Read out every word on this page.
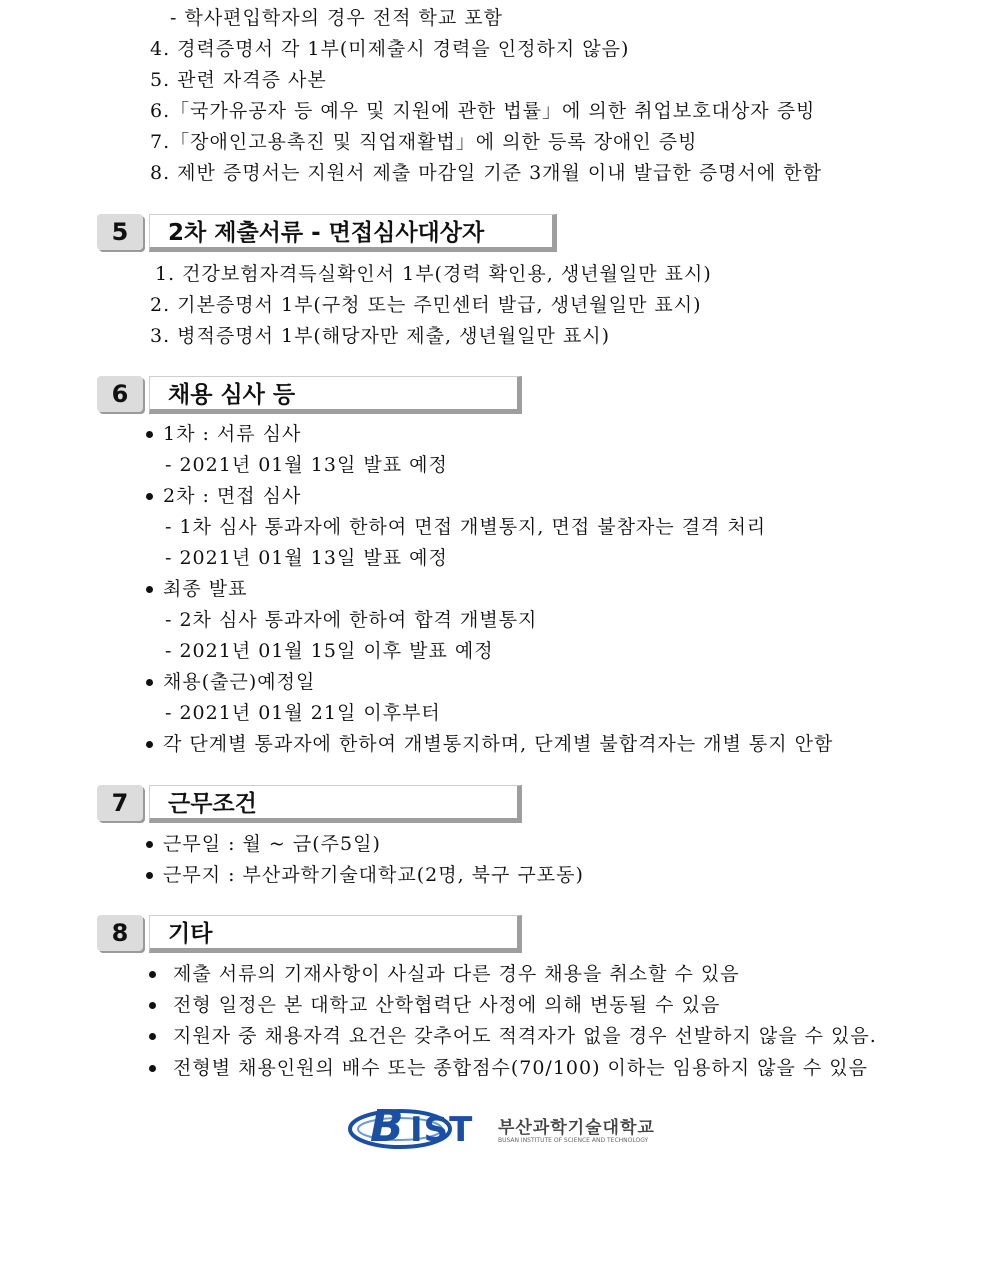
- 학사편입학자의 경우 전적 학교 포함
4. 경력증명서 각 1부(미제출시 경력을 인정하지 않음)
5. 관련 자격증 사본
6.「국가유공자 등 예우 및 지원에 관한 법률」에 의한 취업보호대상자 증빙
7.「장애인고용촉진 및 직업재활법」에 의한 등록 장애인 증빙
8. 제반 증명서는 지원서 제출 마감일 기준 3개월 이내 발급한 증명서에 한함
5	2차 제출서류 - 면접심사대상자
1. 건강보험자격득실확인서 1부(경력 확인용, 생년월일만 표시)
2. 기본증명서 1부(구청 또는 주민센터 발급, 생년월일만 표시)
3. 병적증명서 1부(해당자만 제출, 생년월일만 표시)
6	채용 심사 등
1차 : 서류 심사
- 2021년 01월 13일 발표 예정
2차 : 면접 심사
- 1차 심사 통과자에 한하여 면접 개별통지, 면접 불참자는 결격 처리
- 2021년 01월 13일 발표 예정
최종 발표
- 2차 심사 통과자에 한하여 합격 개별통지
- 2021년 01월 15일 이후 발표 예정
채용(출근)예정일
- 2021년 01월 21일 이후부터
각 단계별 통과자에 한하여 개별통지하며, 단계별 불합격자는 개별 통지 안함
7	근무조건
근무일 : 월 ~ 금(주5일)
근무지 : 부산과학기술대학교(2명, 북구 구포동)
8	기타
제출 서류의 기재사항이 사실과 다른 경우 채용을 취소할 수 있음
전형 일정은 본 대학교 산학협력단 사정에 의해 변동될 수 있음
지원자 중 채용자격 요건은 갖추어도 적격자가 없을 경우 선발하지 않을 수 있음.
전형별 채용인원의 배수 또는 종합점수(70/100) 이하는 임용하지 않을 수 있음
B IST 부산과학기술대학교
BUSAN INSTITUTE OF SCIENCE AND TECHNOLOGY
